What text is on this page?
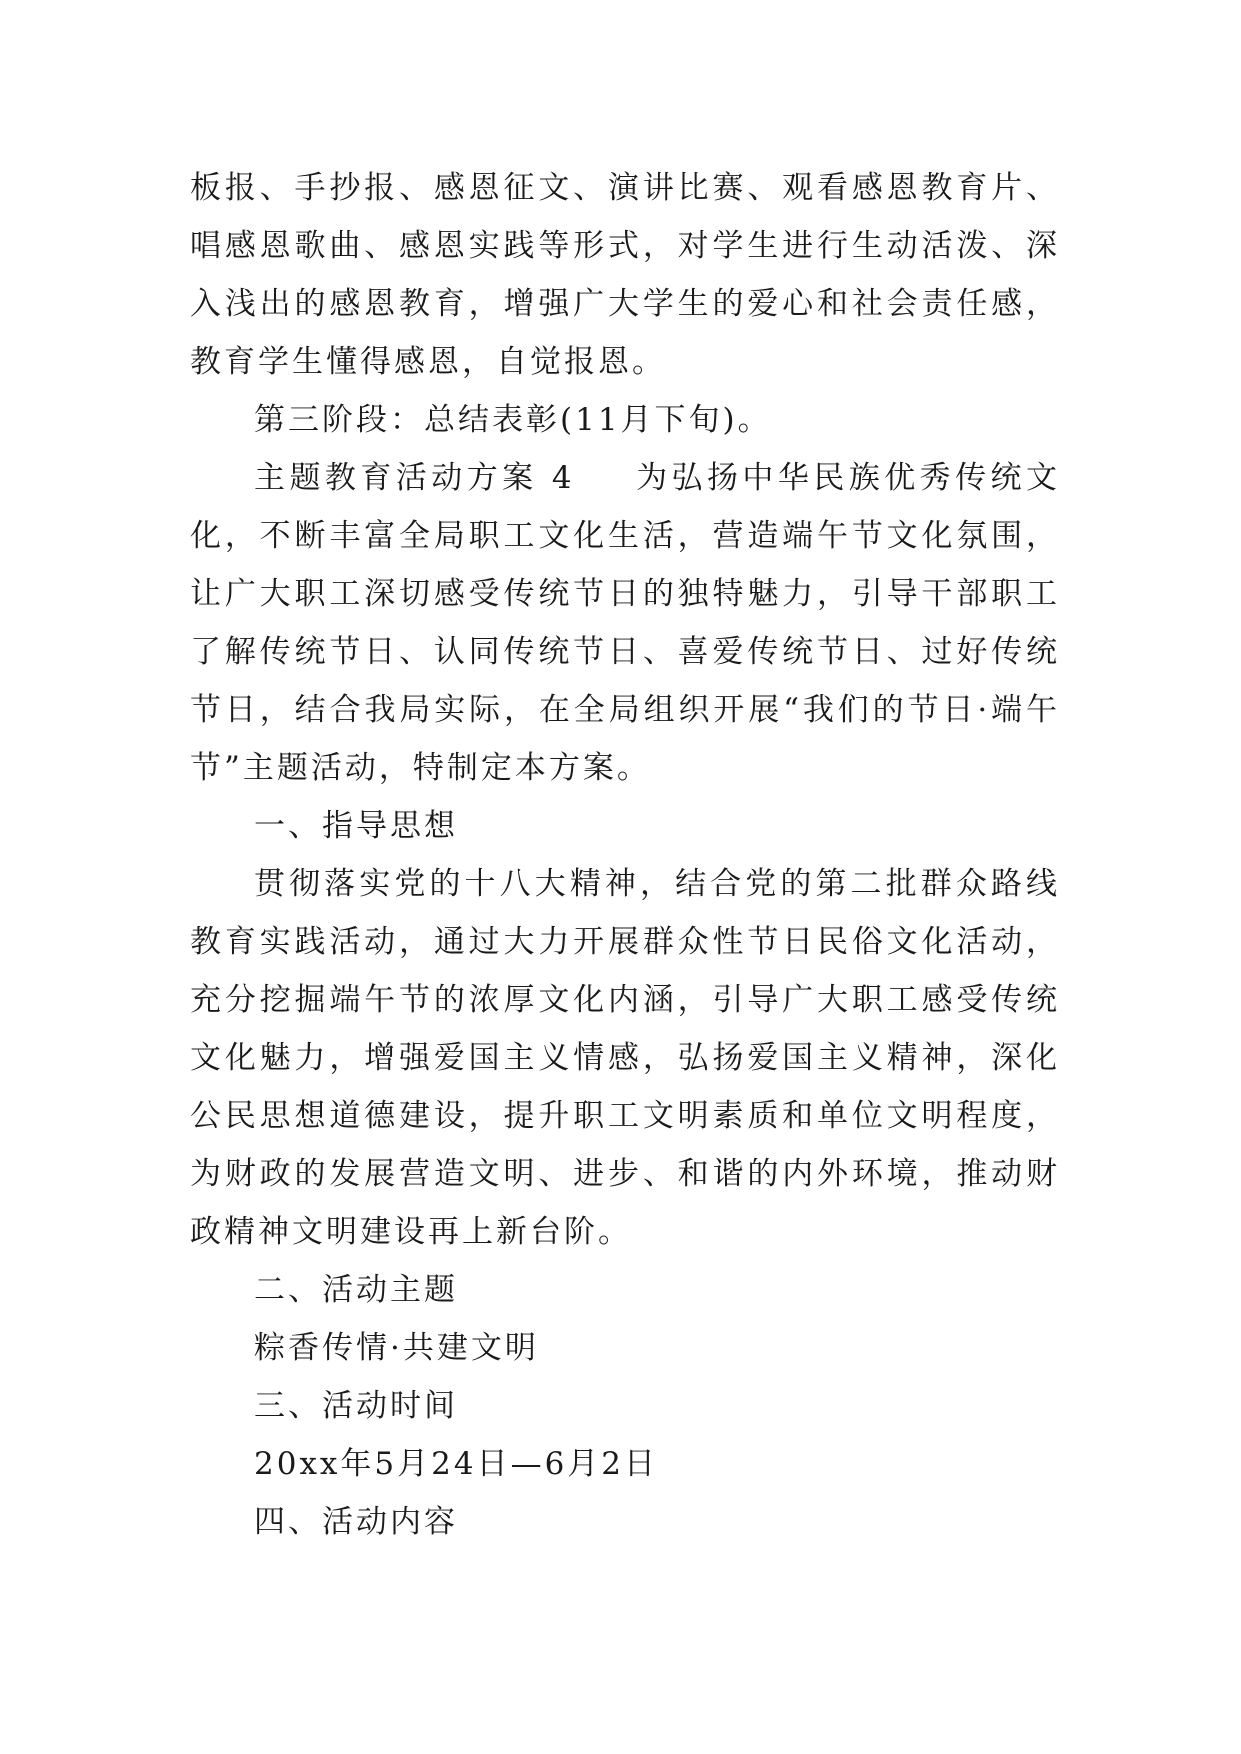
板报、手抄报、感恩征文、演讲比赛、观看感恩教育片、唱感恩歌曲、感恩实践等形式，对学生进行生动活泼、深入浅出的感恩教育，增强广大学生的爱心和社会责任感，教育学生懂得感恩，自觉报恩。

第三阶段：总结表彰(11月下旬)。

主题教育活动方案 4 为弘扬中华民族优秀传统文化，不断丰富全局职工文化生活，营造端午节文化氛围，让广大职工深切感受传统节日的独特魅力，引导干部职工了解传统节日、认同传统节日、喜爱传统节日、过好传统节日，结合我局实际，在全局组织开展“我们的节日·端午节”主题活动，特制定本方案。

一、指导思想

贯彻落实党的十八大精神，结合党的第二批群众路线教育实践活动，通过大力开展群众性节日民俗文化活动，充分挖掘端午节的浓厚文化内涵，引导广大职工感受传统文化魅力，增强爱国主义情感，弘扬爱国主义精神，深化公民思想道德建设，提升职工文明素质和单位文明程度，为财政的发展营造文明、进步、和谐的内外环境，推动财政精神文明建设再上新台阶。

二、活动主题

粽香传情·共建文明

三、活动时间

20xx年5月24日—6月2日

四、活动内容
